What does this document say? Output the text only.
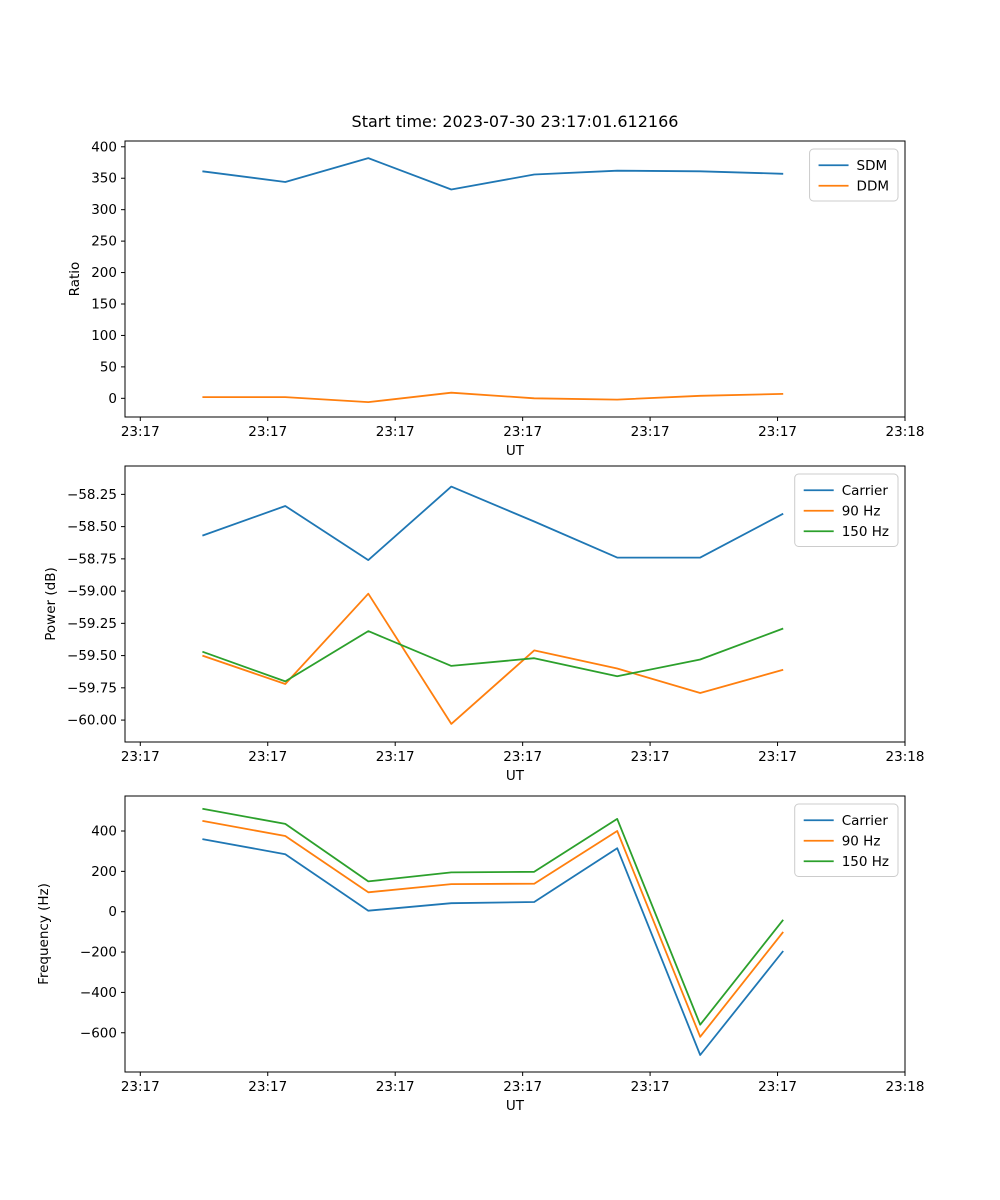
Start time: 2023-07-30 23:17:01.612166
0
50
100
150
200
250
300
350
400
23:17	23:17	23:17	23:17	23:17	23:17	23:18
Ratio
UT
SDM
DDM
−58.25
−58.50
−58.75
−59.00
−59.25
−59.50
−59.75
−60.00
23:17	23:17	23:17	23:17	23:17	23:17	23:18
Power (dB)
UT
Carrier
90 Hz
150 Hz
400
200
0
−200
−400
−600
23:17	23:17	23:17	23:17	23:17	23:17	23:18
Frequency (Hz)
UT
Carrier
90 Hz
150 Hz
